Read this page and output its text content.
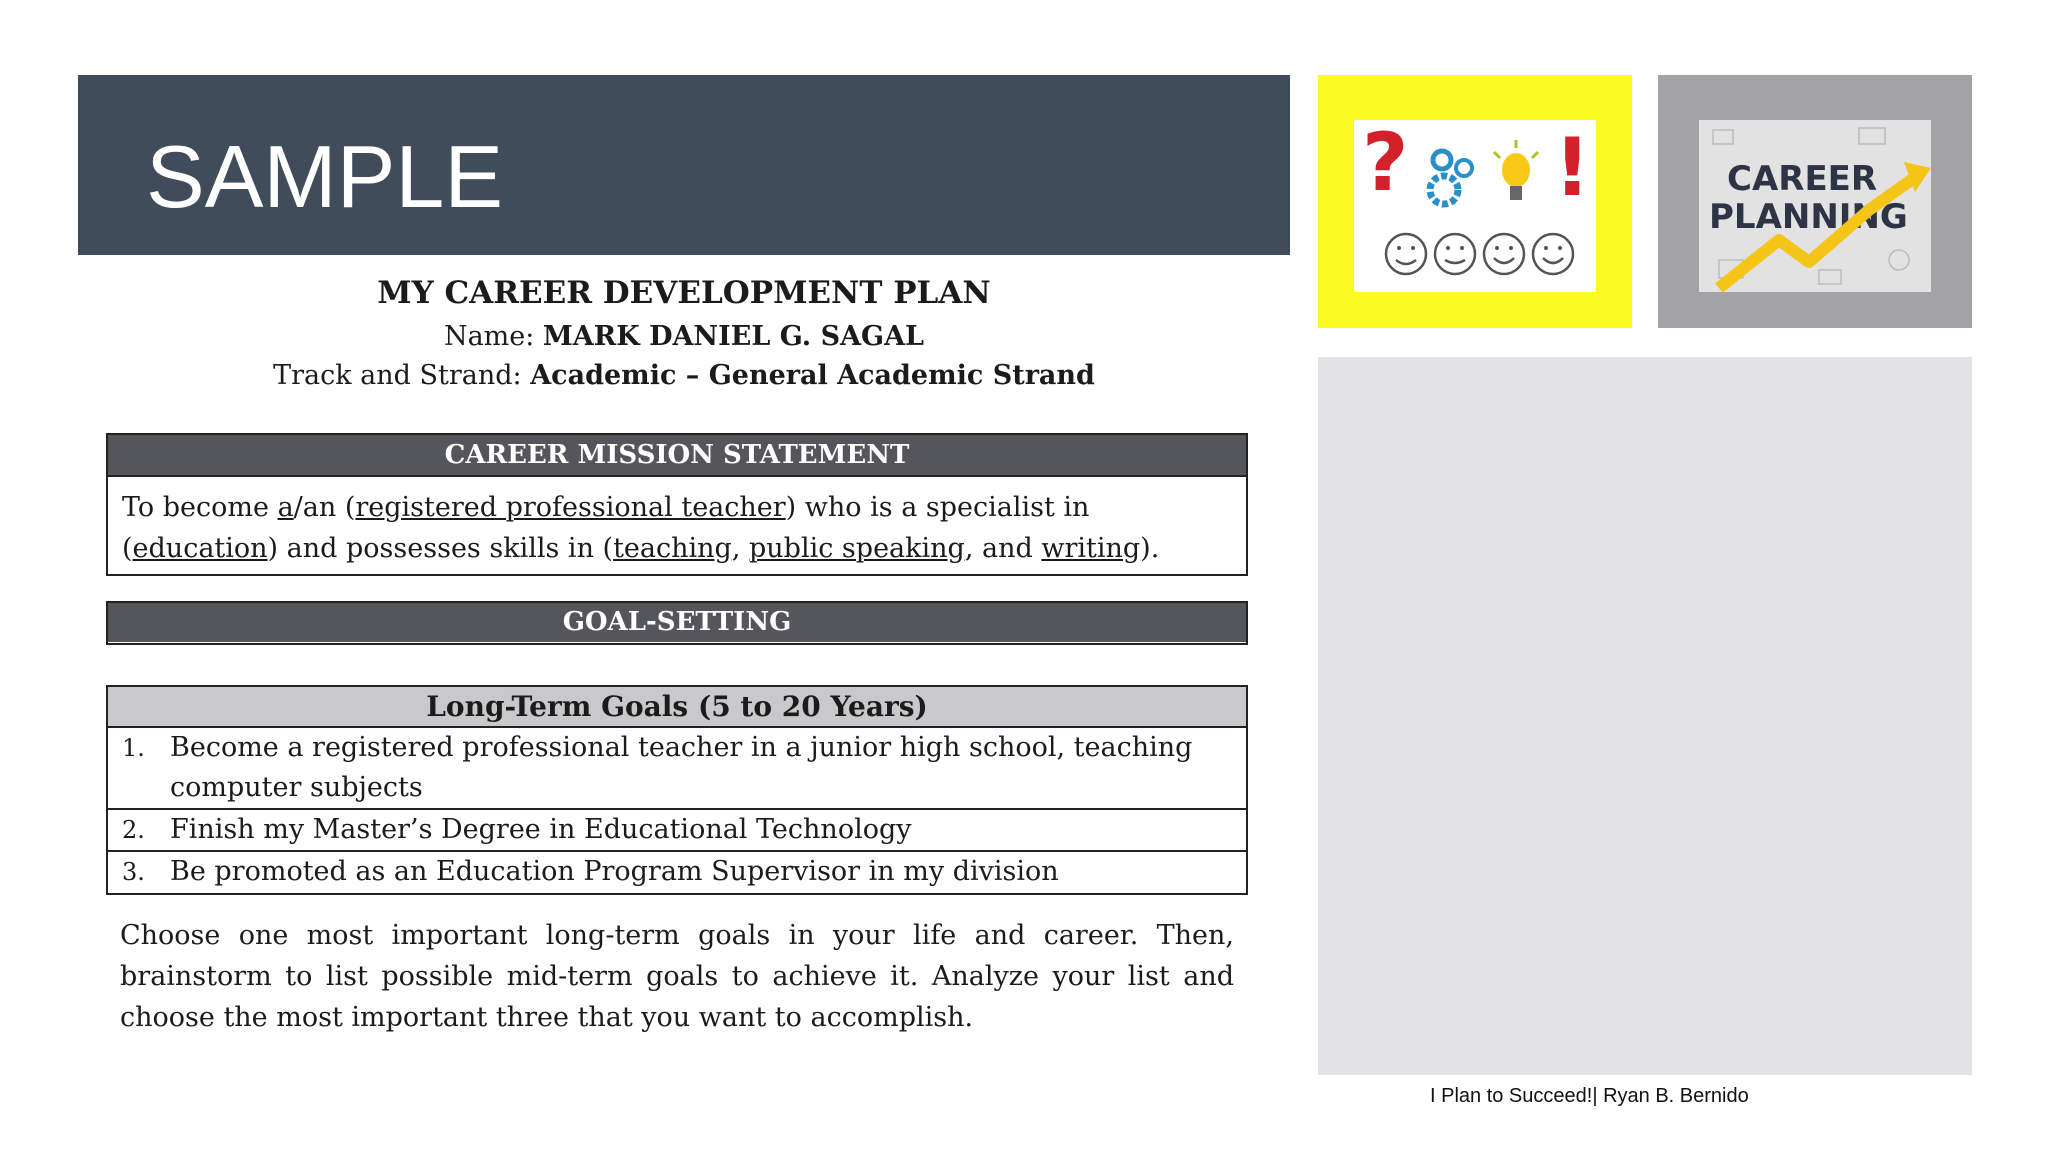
SAMPLE
MY CAREER DEVELOPMENT PLAN
Name: MARK DANIEL G. SAGAL
Track and Strand: Academic – General Academic Strand
CAREER MISSION STATEMENT
To become a/an (registered professional teacher) who is a specialist in (education) and possesses skills in (teaching, public speaking, and writing).
GOAL-SETTING
Long-Term Goals (5 to 20 Years)
1. Become a registered professional teacher in a junior high school, teaching computer subjects
2. Finish my Master’s Degree in Educational Technology
3. Be promoted as an Education Program Supervisor in my division
Choose one most important long-term goals in your life and career. Then, brainstorm to list possible mid-term goals to achieve it. Analyze your list and choose the most important three that you want to accomplish.
? !	CAREER
PLANNING
I Plan to Succeed!| Ryan B. Bernido
